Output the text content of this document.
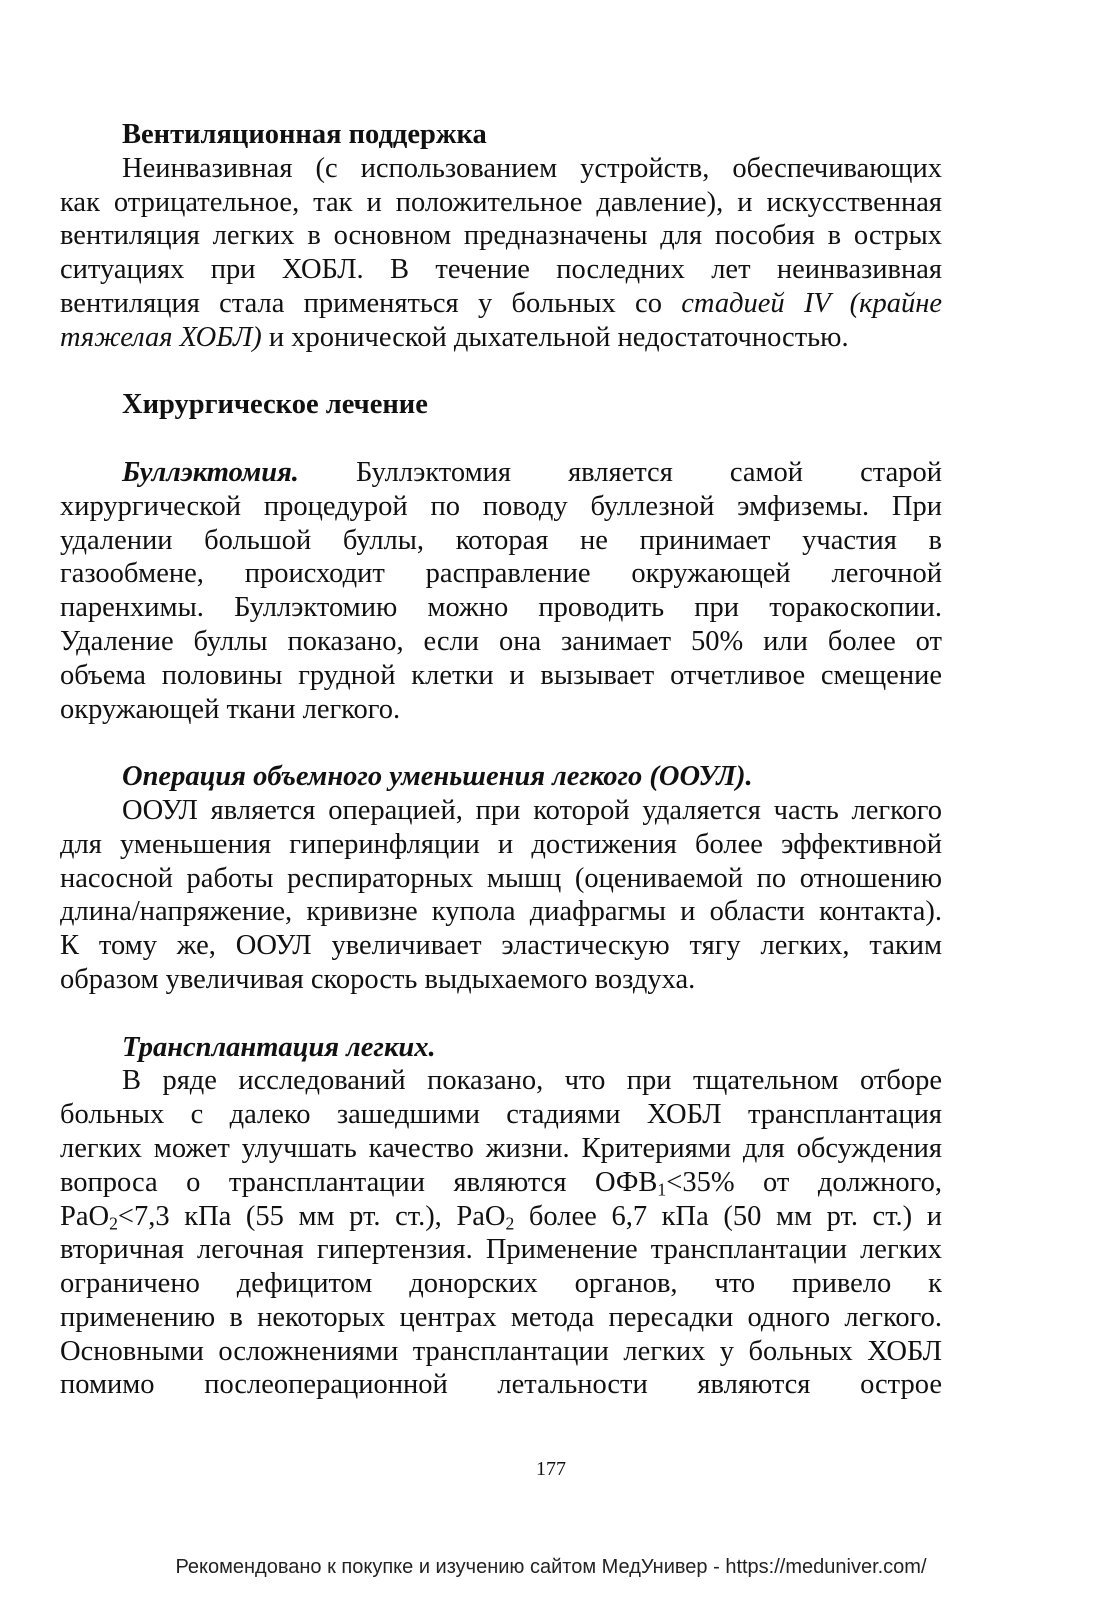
Вентиляционная поддержка
Неинвазивная (с использованием устройств, обеспечивающих
как отрицательное, так и положительное давление), и искусственная
вентиляция легких в основном предназначены для пособия в острых
ситуациях при ХОБЛ. В течение последних лет неинвазивная
вентиляция стала применяться у больных со стадией IV (крайне
тяжелая ХОБЛ) и хронической дыхательной недостаточностью.
Хирургическое лечение
Буллэктомия. Буллэктомия является самой старой
хирургической процедурой по поводу буллезной эмфиземы. При
удалении большой буллы, которая не принимает участия в
газообмене, происходит расправление окружающей легочной
паренхимы. Буллэктомию можно проводить при торакоскопии.
Удаление буллы показано, если она занимает 50% или более от
объема половины грудной клетки и вызывает отчетливое смещение
окружающей ткани легкого.
Операция объемного уменьшения легкого (ООУЛ).
ООУЛ является операцией, при которой удаляется часть легкого
для уменьшения гиперинфляции и достижения более эффективной
насосной работы респираторных мышц (оцениваемой по отношению
длина/напряжение, кривизне купола диафрагмы и области контакта).
К тому же, ООУЛ увеличивает эластическую тягу легких, таким
образом увеличивая скорость выдыхаемого воздуха.
Трансплантация легких.
В ряде исследований показано, что при тщательном отборе
больных с далеко зашедшими стадиями ХОБЛ трансплантация
легких может улучшать качество жизни. Критериями для обсуждения
вопроса о трансплантации являются $ОФВ_1<35\%$ от должного,
PaO$_2$<7,3 кПа (55 мм рт. ст.), PaO$_2$ более 6,7 кПа (50 мм рт. ст.) и
вторичная легочная гипертензия. Применение трансплантации легких
ограничено дефицитом донорских органов, что привело к
применению в некоторых центрах метода пересадки одного легкого.
Основными осложнениями трансплантации легких у больных ХОБЛ
помимо послеоперационной летальности являются острое
177
Рекомендовано к покупке и изучению сайтом МедУнивер - https://meduniver.com/
